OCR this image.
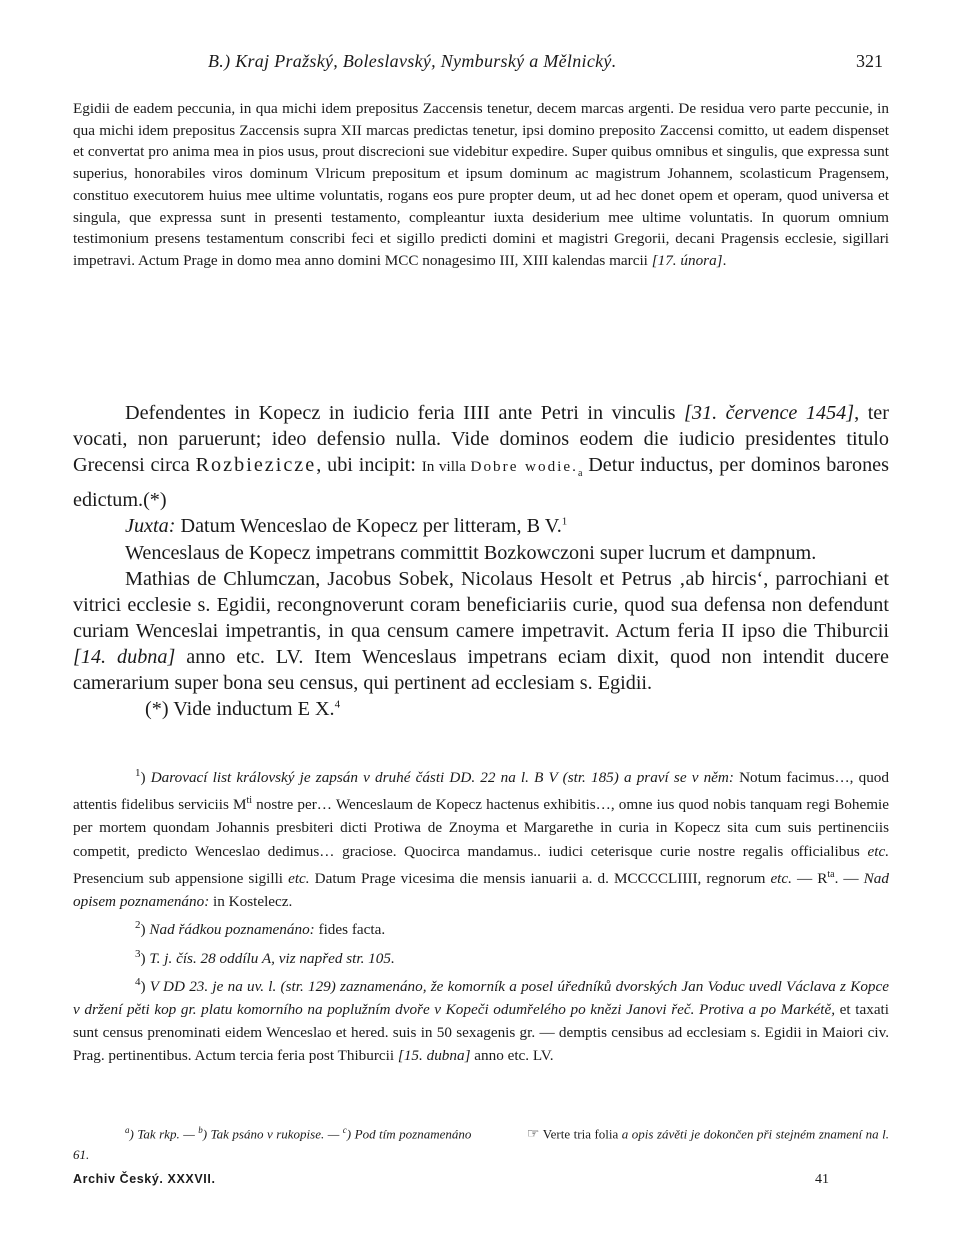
B.) Kraj Pražský, Boleslavský, Nymburský a Mělnický.	321

Egidii de eadem peccunia, in qua michi idem prepositus Zaccensis tenetur, decem marcas argenti. De residua vero parte peccunie, in qua michi idem prepositus Zaccensis supra XII marcas predictas tenetur, ipsi domino preposito Zaccensi comitto, ut eadem dispenset et convertat pro anima mea in pios usus, prout discrecioni sue videbitur expedire. Super quibus omnibus et singulis, que expressa sunt superius, honorabiles viros dominum Vlricum prepositum et ipsum dominum ac magistrum Johannem, scolasticum Pragensem, constituo executorem huius mee ultime voluntatis, rogans eos pure propter deum, ut ad hec donet opem et operam, quod universa et singula, que expressa sunt in presenti testamento, compleantur iuxta desiderium mee ultime voluntatis. In quorum omnium testimonium presens testamentum conscribi feci et sigillo predicti domini et magistri Gregorii, decani Pragensis ecclesie, sigillari impetravi. Actum Prage in domo mea anno domini MCC nonagesimo III, XIII kalendas marcii [17. února].

Defendentes in Kopecz in iudicio feria IIII ante Petri in vinculis [31. července 1454], ter vocati, non paruerunt; ideo defensio nulla. Vide dominos eodem die iudicio presidentes titulo Grecensi circa Rozbiezicze, ubi incipit: In villa Dobre $wodie._a$ Detur inductus, per dominos barones edictum.(*)

Juxta: Datum Wenceslao de Kopecz per litteram, B V.$^1$

Wenceslaus de Kopecz impetrans committit Bozkowczoni super lucrum et dampnum.

Mathias de Chlumczan, Jacobus Sobek, Nicolaus Hesolt et Petrus ‚ab hircis‘, parrochiani et vitrici ecclesie s. Egidii, recongnoverunt coram beneficiariis curie, quod sua defensa non defendunt curiam Wenceslai impetrantis, in qua censum camere impetravit. Actum feria II ipso die Thiburcii [14. dubna] anno etc. LV. Item Wenceslaus impetrans eciam dixit, quod non intendit ducere camerarium super bona seu census, qui pertinent ad ecclesiam s. Egidii.

(*) Vide inductum E X.$^4$

$^1$) Darovací list královský je zapsán v druhé části DD. 22 na l. B V (str. 185) a praví se v něm: Notum facimus…, quod attentis fidelibus serviciis $M^{ti}$ nostre per… Wenceslaum de Kopecz hactenus exhibitis…, omne ius quod nobis tanquam regi Bohemie per mortem quondam Johannis presbiteri dicti Protiwa de Znoyma et Margarethe in curia in Kopecz sita cum suis pertinenciis competit, predicto Wenceslao dedimus… graciose. Quocirca mandamus.. iudici ceterisque curie nostre regalis officialibus etc. Presencium sub appensione sigilli etc. Datum Prage vicesima die mensis ianuarii a. d. MCCCCLIIII, regnorum etc. — $R^{ta}$. — Nad opisem poznamenáno: in Kostelecz.

$^2$) Nad řádkou poznamenáno: fides facta.

$^3$) T. j. čís. 28 oddílu A, viz napřed str. 105.

$^4$) V DD 23. je na uv. l. (str. 129) zaznamenáno, že komorník a posel úředníků dvorských Jan Voduc uvedl Václava z Kopce v držení pěti kop gr. platu komorního na poplužním dvoře v Kopeči odumřelého po knězi Janovi řeč. Protiva a po Markétě, et taxati sunt census prenominati eidem Wenceslao et hered. suis in 50 sexagenis gr. — demptis censibus ad ecclesiam s. Egidii in Maiori civ. Prag. pertinentibus. Actum tercia feria post Thiburcii [15. dubna] anno etc. LV.

$^a$) Tak rkp. — $^b$) Tak psáno v rukopise. — $^c$) Pod tím poznamenáno	☞ Verte tria folia a opis závěti je dokončen při stejném znamení na l. 61.

Archiv Český. XXXVII.	41
